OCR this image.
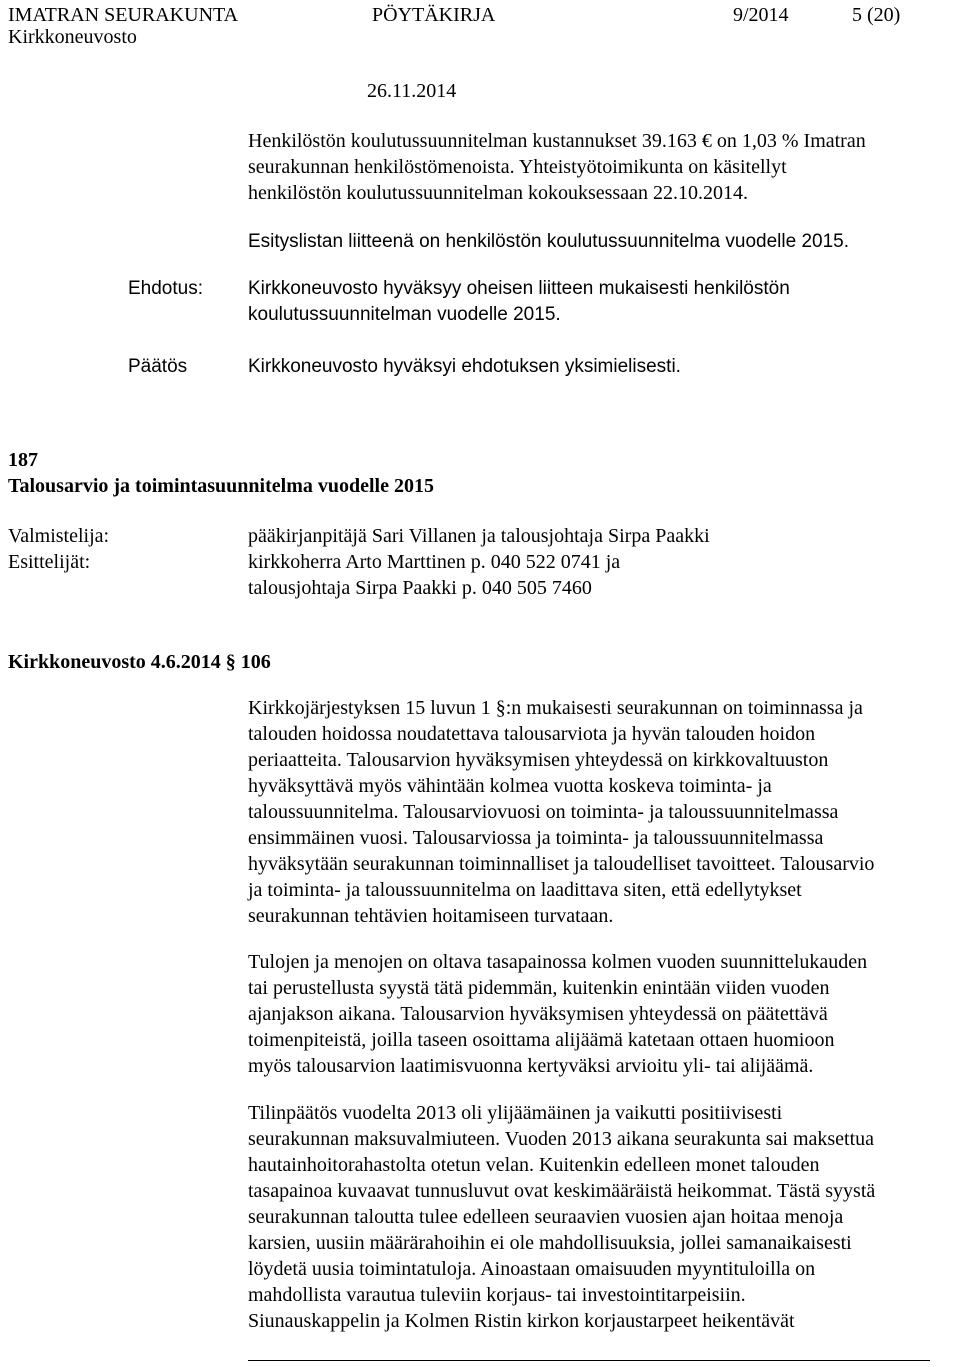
IMATRAN SEURAKUNTA	PÖYTÄKIRJA	9/2014	5 (20)
Kirkkoneuvosto
26.11.2014
Henkilöstön koulutussuunnitelman kustannukset 39.163 € on 1,03 % Imatran
seurakunnan henkilöstömenoista. Yhteistyötoimikunta on käsitellyt
henkilöstön koulutussuunnitelman kokouksessaan 22.10.2014.
Esityslistan liitteenä on henkilöstön koulutussuunnitelma vuodelle 2015.
Ehdotus: Kirkkoneuvosto hyväksyy oheisen liitteen mukaisesti henkilöstön
koulutussuunnitelman vuodelle 2015.
Päätös	Kirkkoneuvosto hyväksyi ehdotuksen yksimielisesti.
187
Talousarvio ja toimintasuunnitelma vuodelle 2015
Valmistelija:	pääkirjanpitäjä Sari Villanen ja talousjohtaja Sirpa Paakki
Esittelijät:	kirkkoherra Arto Marttinen p. 040 522 0741 ja
talousjohtaja Sirpa Paakki p. 040 505 7460
Kirkkoneuvosto 4.6.2014 § 106
Kirkkojärjestyksen 15 luvun 1 §:n mukaisesti seurakunnan on toiminnassa ja
talouden hoidossa noudatettava talousarviota ja hyvän talouden hoidon
periaatteita. Talousarvion hyväksymisen yhteydessä on kirkkovaltuuston
hyväksyttävä myös vähintään kolmea vuotta koskeva toiminta- ja
taloussuunnitelma. Talousarviovuosi on toiminta- ja taloussuunnitelmassa
ensimmäinen vuosi. Talousarviossa ja toiminta- ja taloussuunnitelmassa
hyväksytään seurakunnan toiminnalliset ja taloudelliset tavoitteet. Talousarvio
ja toiminta- ja taloussuunnitelma on laadittava siten, että edellytykset
seurakunnan tehtävien hoitamiseen turvataan.
Tulojen ja menojen on oltava tasapainossa kolmen vuoden suunnittelukauden
tai perustellusta syystä tätä pidemmän, kuitenkin enintään viiden vuoden
ajanjakson aikana. Talousarvion hyväksymisen yhteydessä on päätettävä
toimenpiteistä, joilla taseen osoittama alijäämä katetaan ottaen huomioon
myös talousarvion laatimisvuonna kertyväksi arvioitu yli- tai alijäämä.
Tilinpäätös vuodelta 2013 oli ylijäämäinen ja vaikutti positiivisesti
seurakunnan maksuvalmiuteen. Vuoden 2013 aikana seurakunta sai maksettua
hautainhoitorahastolta otetun velan. Kuitenkin edelleen monet talouden
tasapainoa kuvaavat tunnusluvut ovat keskimääräistä heikommat. Tästä syystä
seurakunnan taloutta tulee edelleen seuraavien vuosien ajan hoitaa menoja
karsien, uusiin määrärahoihin ei ole mahdollisuuksia, jollei samanaikaisesti
löydetä uusia toimintatuloja. Ainoastaan omaisuuden myyntituloilla on
mahdollista varautua tuleviin korjaus- tai investointitarpeisiin.
Siunauskappelin ja Kolmen Ristin kirkon korjaustarpeet heikentävät
